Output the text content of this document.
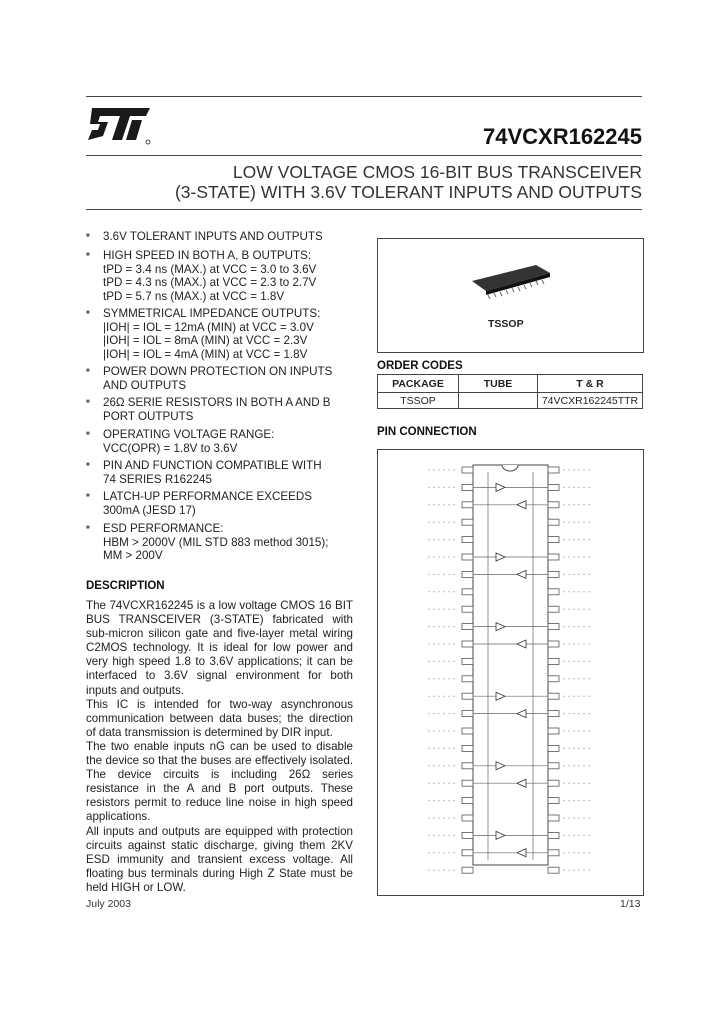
74VCXR162245
LOW VOLTAGE CMOS 16-BIT BUS TRANSCEIVER
(3-STATE) WITH 3.6V TOLERANT INPUTS AND OUTPUTS
■ 3.6V TOLERANT INPUTS AND OUTPUTS
■ HIGH SPEED IN BOTH A, B OUTPUTS:
tPD = 3.4 ns (MAX.) at VCC = 3.0 to 3.6V
tPD = 4.3 ns (MAX.) at VCC = 2.3 to 2.7V
tPD = 5.7 ns (MAX.) at VCC = 1.8V
■ SYMMETRICAL IMPEDANCE OUTPUTS:
|IOH| = IOL = 12mA (MIN) at VCC = 3.0V
|IOH| = IOL = 8mA (MIN) at VCC = 2.3V
|IOH| = IOL = 4mA (MIN) at VCC = 1.8V
■ POWER DOWN PROTECTION ON INPUTS
AND OUTPUTS
■ 26Ω SERIE RESISTORS IN BOTH A AND B
PORT OUTPUTS
■ OPERATING VOLTAGE RANGE:
VCC(OPR) = 1.8V to 3.6V
■ PIN AND FUNCTION COMPATIBLE WITH
74 SERIES R162245
■ LATCH-UP PERFORMANCE EXCEEDS
300mA (JESD 17)
■ ESD PERFORMANCE:
HBM > 2000V (MIL STD 883 method 3015);
MM > 200V
DESCRIPTION

The 74VCXR162245 is a low voltage CMOS 16 BIT BUS TRANSCEIVER (3-STATE) fabricated with sub-micron silicon gate and five-layer metal wiring C2MOS technology. It is ideal for low power and very high speed 1.8 to 3.6V applications; it can be interfaced to 3.6V signal environment for both inputs and outputs.

This IC is intended for two-way asynchronous communication between data buses; the direction of data transmission is determined by DIR input.

The two enable inputs nG can be used to disable the device so that the buses are effectively isolated. The device circuits is including 26Ω series resistance in the A and B port outputs. These resistors permit to reduce line noise in high speed applications.

All inputs and outputs are equipped with protection circuits against static discharge, giving them 2KV ESD immunity and transient excess voltage. All floating bus terminals during High Z State must be held HIGH or LOW.

TSSOP
ORDER CODES
PACKAGE	TUBE	T & R
TSSOP		74VCXR162245TTR
PIN CONNECTION
July 2003	1/13
